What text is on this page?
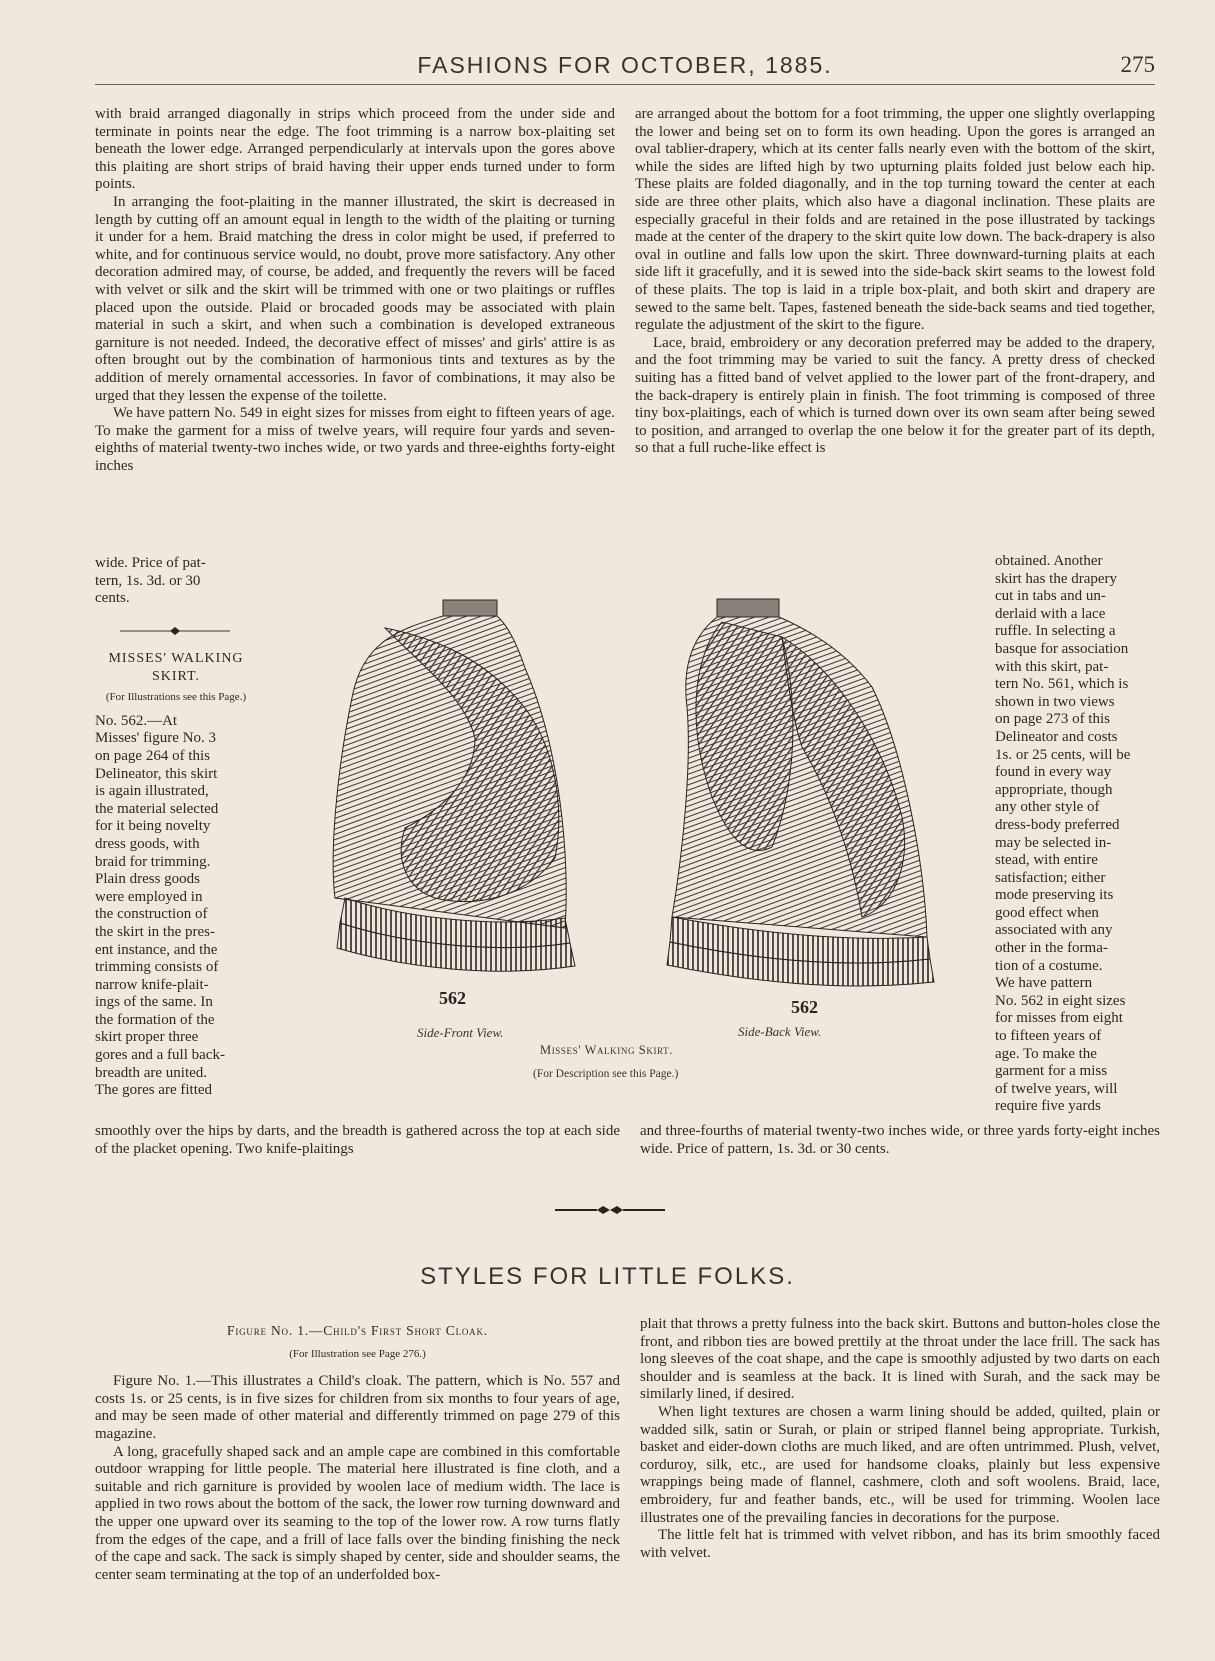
FASHIONS FOR OCTOBER, 1885.	275

with braid arranged diagonally in strips which proceed from the under side and terminate in points near the edge. The foot trimming is a narrow box-plaiting set beneath the lower edge. Arranged perpendicularly at intervals upon the gores above this plaiting are short strips of braid having their upper ends turned under to form points.

In arranging the foot-plaiting in the manner illustrated, the skirt is decreased in length by cutting off an amount equal in length to the width of the plaiting or turning it under for a hem. Braid matching the dress in color might be used, if preferred to white, and for continuous service would, no doubt, prove more satisfactory. Any other decoration admired may, of course, be added, and frequently the revers will be faced with velvet or silk and the skirt will be trimmed with one or two plaitings or ruffles placed upon the outside. Plaid or brocaded goods may be associated with plain material in such a skirt, and when such a combination is developed extraneous garniture is not needed. Indeed, the decorative effect of misses' and girls' attire is as often brought out by the combination of harmonious tints and textures as by the addition of merely ornamental accessories. In favor of combinations, it may also be urged that they lessen the expense of the toilette.

We have pattern No. 549 in eight sizes for misses from eight to fifteen years of age. To make the garment for a miss of twelve years, will require four yards and seven-eighths of material twenty-two inches wide, or two yards and three-eighths forty-eight inches

wide. Price of pat-
tern, 1s. 3d. or 30
cents.
MISSES' WALKING SKIRT.
(For Illustrations see this Page.)
No. 562.—At
Misses' figure No. 3
on page 264 of this
Delineator, this skirt
is again illustrated,
the material selected
for it being novelty
dress goods, with
braid for trimming.
Plain dress goods
were employed in
the construction of
the skirt in the pres-
ent instance, and the
trimming consists of
narrow knife-plait-
ings of the same. In
the formation of the
skirt proper three
gores and a full back-
breadth are united.
The gores are fitted

smoothly over the hips by darts, and the breadth is gathered across the top at each side of the placket opening. Two knife-plaitings

are arranged about the bottom for a foot trimming, the upper one slightly overlapping the lower and being set on to form its own heading. Upon the gores is arranged an oval tablier-drapery, which at its center falls nearly even with the bottom of the skirt, while the sides are lifted high by two upturning plaits folded just below each hip. These plaits are folded diagonally, and in the top turning toward the center at each side are three other plaits, which also have a diagonal inclination. These plaits are especially graceful in their folds and are retained in the pose illustrated by tackings made at the center of the drapery to the skirt quite low down. The back-drapery is also oval in outline and falls low upon the skirt. Three downward-turning plaits at each side lift it gracefully, and it is sewed into the side-back skirt seams to the lowest fold of these plaits. The top is laid in a triple box-plait, and both skirt and drapery are sewed to the same belt. Tapes, fastened beneath the side-back seams and tied together, regulate the adjustment of the skirt to the figure.

Lace, braid, embroidery or any decoration preferred may be added to the drapery, and the foot trimming may be varied to suit the fancy. A pretty dress of checked suiting has a fitted band of velvet applied to the lower part of the front-drapery, and the back-drapery is entirely plain in finish. The foot trimming is composed of three tiny box-plaitings, each of which is turned down over its own seam after being sewed to position, and arranged to overlap the one below it for the greater part of its depth, so that a full ruche-like effect is

obtained. Another
skirt has the drapery
cut in tabs and un-
derlaid with a lace
ruffle. In selecting a
basque for association
with this skirt, pat-
tern No. 561, which is
shown in two views
on page 273 of this
Delineator and costs
1s. or 25 cents, will be
found in every way
appropriate, though
any other style of
dress-body preferred
may be selected in-
stead, with entire
satisfaction; either
mode preserving its
good effect when
associated with any
other in the forma-
tion of a costume.
We have pattern
No. 562 in eight sizes
for misses from eight
to fifteen years of
age. To make the
garment for a miss
of twelve years, will
require five yards

and three-fourths of material twenty-two inches wide, or three yards forty-eight inches wide. Price of pattern, 1s. 3d. or 30 cents.

562
Side-Front View.
562
Side-Back View.
Misses' Walking Skirt.
(For Description see this Page.)
STYLES FOR LITTLE FOLKS.
Figure No. 1.—Child's First Short Cloak.
(For Illustration see Page 276.)

Figure No. 1.—This illustrates a Child's cloak. The pattern, which is No. 557 and costs 1s. or 25 cents, is in five sizes for children from six months to four years of age, and may be seen made of other material and differently trimmed on page 279 of this magazine.

A long, gracefully shaped sack and an ample cape are combined in this comfortable outdoor wrapping for little people. The material here illustrated is fine cloth, and a suitable and rich garniture is provided by woolen lace of medium width. The lace is applied in two rows about the bottom of the sack, the lower row turning downward and the upper one upward over its seaming to the top of the lower row. A row turns flatly from the edges of the cape, and a frill of lace falls over the binding finishing the neck of the cape and sack. The sack is simply shaped by center, side and shoulder seams, the center seam terminating at the top of an underfolded box-

plait that throws a pretty fulness into the back skirt. Buttons and button-holes close the front, and ribbon ties are bowed prettily at the throat under the lace frill. The sack has long sleeves of the coat shape, and the cape is smoothly adjusted by two darts on each shoulder and is seamless at the back. It is lined with Surah, and the sack may be similarly lined, if desired.

When light textures are chosen a warm lining should be added, quilted, plain or wadded silk, satin or Surah, or plain or striped flannel being appropriate. Turkish, basket and eider-down cloths are much liked, and are often untrimmed. Plush, velvet, corduroy, silk, etc., are used for handsome cloaks, plainly but less expensive wrappings being made of flannel, cashmere, cloth and soft woolens. Braid, lace, embroidery, fur and feather bands, etc., will be used for trimming. Woolen lace illustrates one of the prevailing fancies in decorations for the purpose.

The little felt hat is trimmed with velvet ribbon, and has its brim smoothly faced with velvet.
